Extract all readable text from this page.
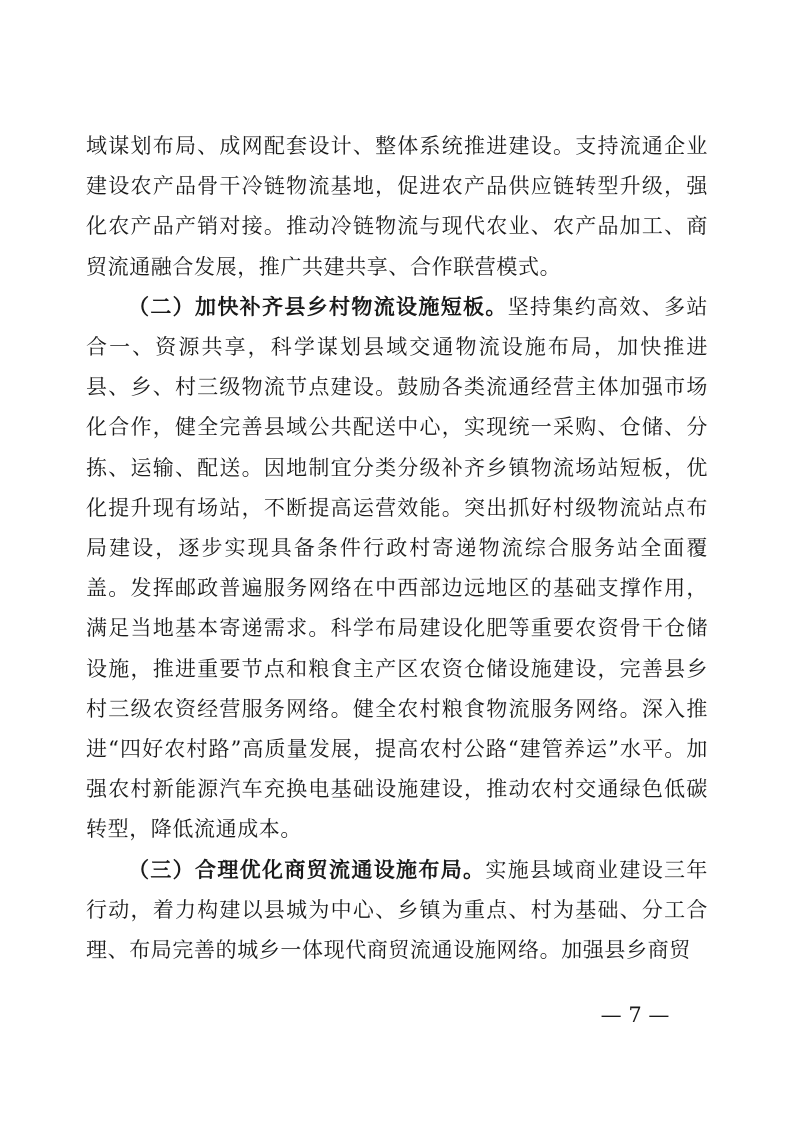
域谋划布局、成网配套设计、整体系统推进建设。支持流通企业建设农产品骨干冷链物流基地，促进农产品供应链转型升级，强化农产品产销对接。推动冷链物流与现代农业、农产品加工、商贸流通融合发展，推广共建共享、合作联营模式。

（二）加快补齐县乡村物流设施短板。坚持集约高效、多站合一、资源共享，科学谋划县域交通物流设施布局，加快推进县、乡、村三级物流节点建设。鼓励各类流通经营主体加强市场化合作，健全完善县域公共配送中心，实现统一采购、仓储、分拣、运输、配送。因地制宜分类分级补齐乡镇物流场站短板，优化提升现有场站，不断提高运营效能。突出抓好村级物流站点布局建设，逐步实现具备条件行政村寄递物流综合服务站全面覆盖。发挥邮政普遍服务网络在中西部边远地区的基础支撑作用，满足当地基本寄递需求。科学布局建设化肥等重要农资骨干仓储设施，推进重要节点和粮食主产区农资仓储设施建设，完善县乡村三级农资经营服务网络。健全农村粮食物流服务网络。深入推进“四好农村路”高质量发展，提高农村公路“建管养运”水平。加强农村新能源汽车充换电基础设施建设，推动农村交通绿色低碳转型，降低流通成本。

（三）合理优化商贸流通设施布局。实施县域商业建设三年行动，着力构建以县城为中心、乡镇为重点、村为基础、分工合理、布局完善的城乡一体现代商贸流通设施网络。加强县乡商贸

— 7 —
